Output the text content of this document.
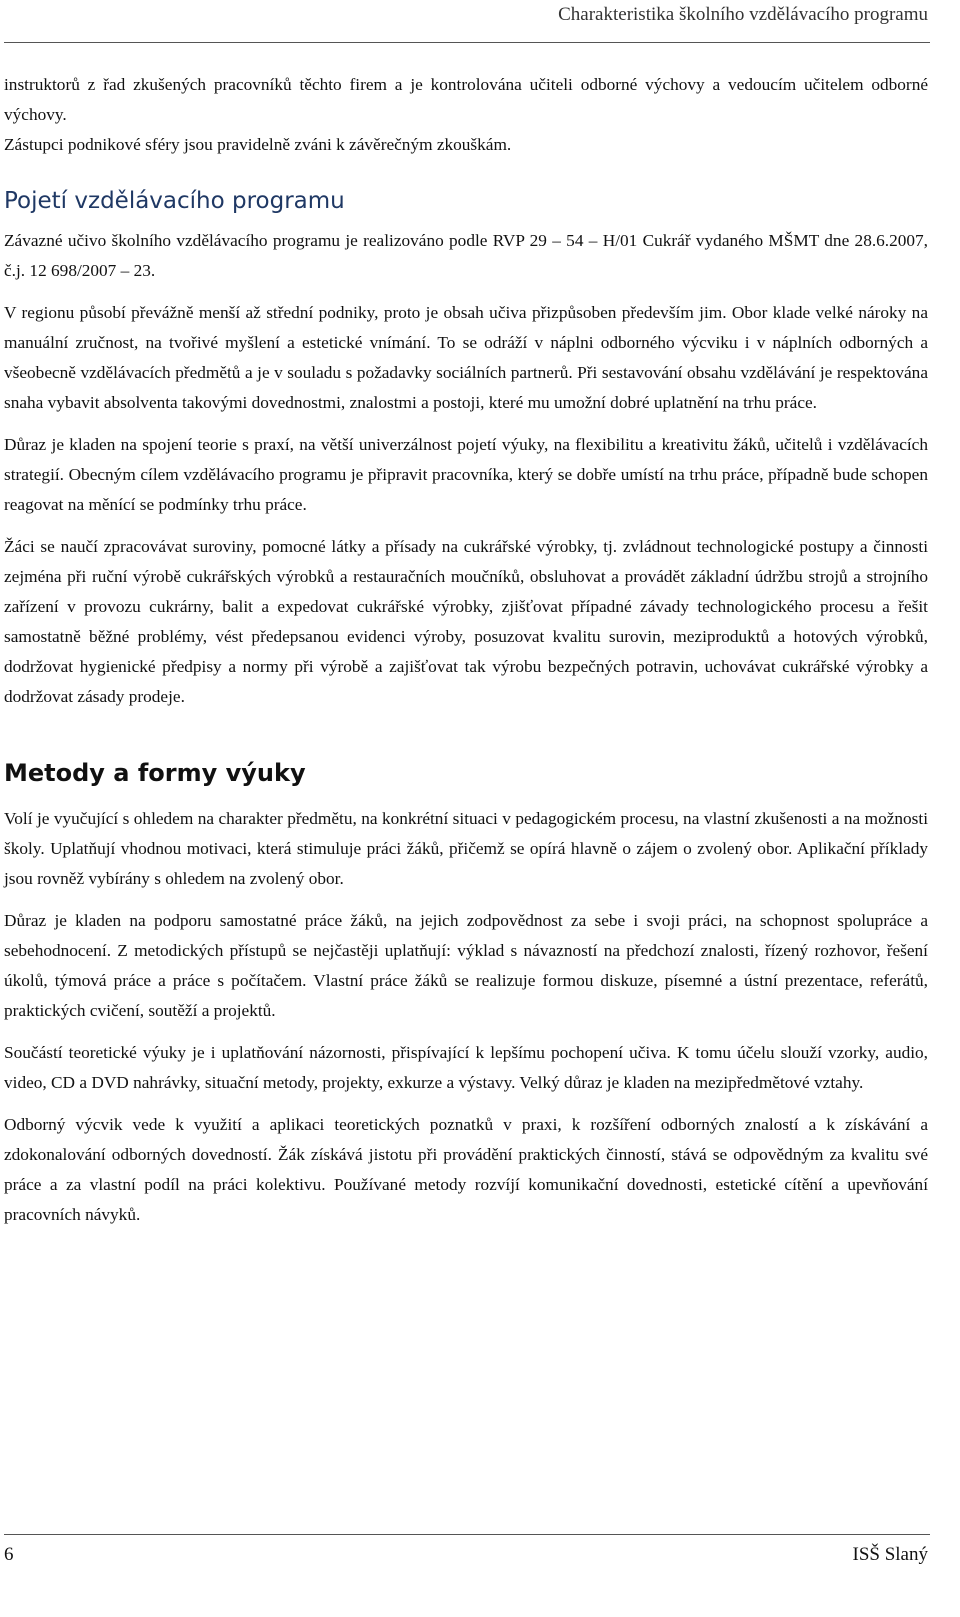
Charakteristika školního vzdělávacího programu

instruktorů z řad zkušených pracovníků těchto firem a je kontrolována učiteli odborné výchovy a vedoucím učitelem odborné výchovy.

Zástupci podnikové sféry jsou pravidelně zváni k závěrečným zkouškám.

Pojetí vzdělávacího programu

Závazné učivo školního vzdělávacího programu je realizováno podle RVP 29 – 54 – H/01 Cukrář vydaného MŠMT dne 28.6.2007, č.j. 12 698/2007 – 23.

V regionu působí převážně menší až střední podniky, proto je obsah učiva přizpůsoben především jim. Obor klade velké nároky na manuální zručnost, na tvořivé myšlení a estetické vnímání. To se odráží v náplni odborného výcviku i v náplních odborných a všeobecně vzdělávacích předmětů a je v souladu s požadavky sociálních partnerů. Při sestavování obsahu vzdělávání je respektována snaha vybavit absolventa takovými dovednostmi, znalostmi a postoji, které mu umožní dobré uplatnění na trhu práce.

Důraz je kladen na spojení teorie s praxí, na větší univerzálnost pojetí výuky, na flexibilitu a kreativitu žáků, učitelů i vzdělávacích strategií. Obecným cílem vzdělávacího programu je připravit pracovníka, který se dobře umístí na trhu práce, případně bude schopen reagovat na měnící se podmínky trhu práce.

Žáci se naučí zpracovávat suroviny, pomocné látky a přísady na cukrářské výrobky, tj. zvládnout technologické postupy a činnosti zejména při ruční výrobě cukrářských výrobků a restauračních moučníků, obsluhovat a provádět základní údržbu strojů a strojního zařízení v provozu cukrárny, balit a expedovat cukrářské výrobky, zjišťovat případné závady technologického procesu a řešit samostatně běžné problémy, vést předepsanou evidenci výroby, posuzovat kvalitu surovin, meziproduktů a hotových výrobků, dodržovat hygienické předpisy a normy při výrobě a zajišťovat tak výrobu bezpečných potravin, uchovávat cukrářské výrobky a dodržovat zásady prodeje.

Metody a formy výuky

Volí je vyučující s ohledem na charakter předmětu, na konkrétní situaci v pedagogickém procesu, na vlastní zkušenosti a na možnosti školy. Uplatňují vhodnou motivaci, která stimuluje práci žáků, přičemž se opírá hlavně o zájem o zvolený obor. Aplikační příklady jsou rovněž vybírány s ohledem na zvolený obor.

Důraz je kladen na podporu samostatné práce žáků, na jejich zodpovědnost za sebe i svoji práci, na schopnost spolupráce a sebehodnocení. Z metodických přístupů se nejčastěji uplatňují: výklad s návazností na předchozí znalosti, řízený rozhovor, řešení úkolů, týmová práce a práce s počítačem. Vlastní práce žáků se realizuje formou diskuze, písemné a ústní prezentace, referátů, praktických cvičení, soutěží a projektů.

Součástí teoretické výuky je i uplatňování názornosti, přispívající k lepšímu pochopení učiva. K tomu účelu slouží vzorky, audio, video, CD a DVD nahrávky, situační metody, projekty, exkurze a výstavy. Velký důraz je kladen na mezipředmětové vztahy.

Odborný výcvik vede k využití a aplikaci teoretických poznatků v praxi, k rozšíření odborných znalostí a k získávání a zdokonalování odborných dovedností. Žák získává jistotu při provádění praktických činností, stává se odpovědným za kvalitu své práce a za vlastní podíl na práci kolektivu. Používané metody rozvíjí komunikační dovednosti, estetické cítění a upevňování pracovních návyků.

6	ISŠ Slaný
